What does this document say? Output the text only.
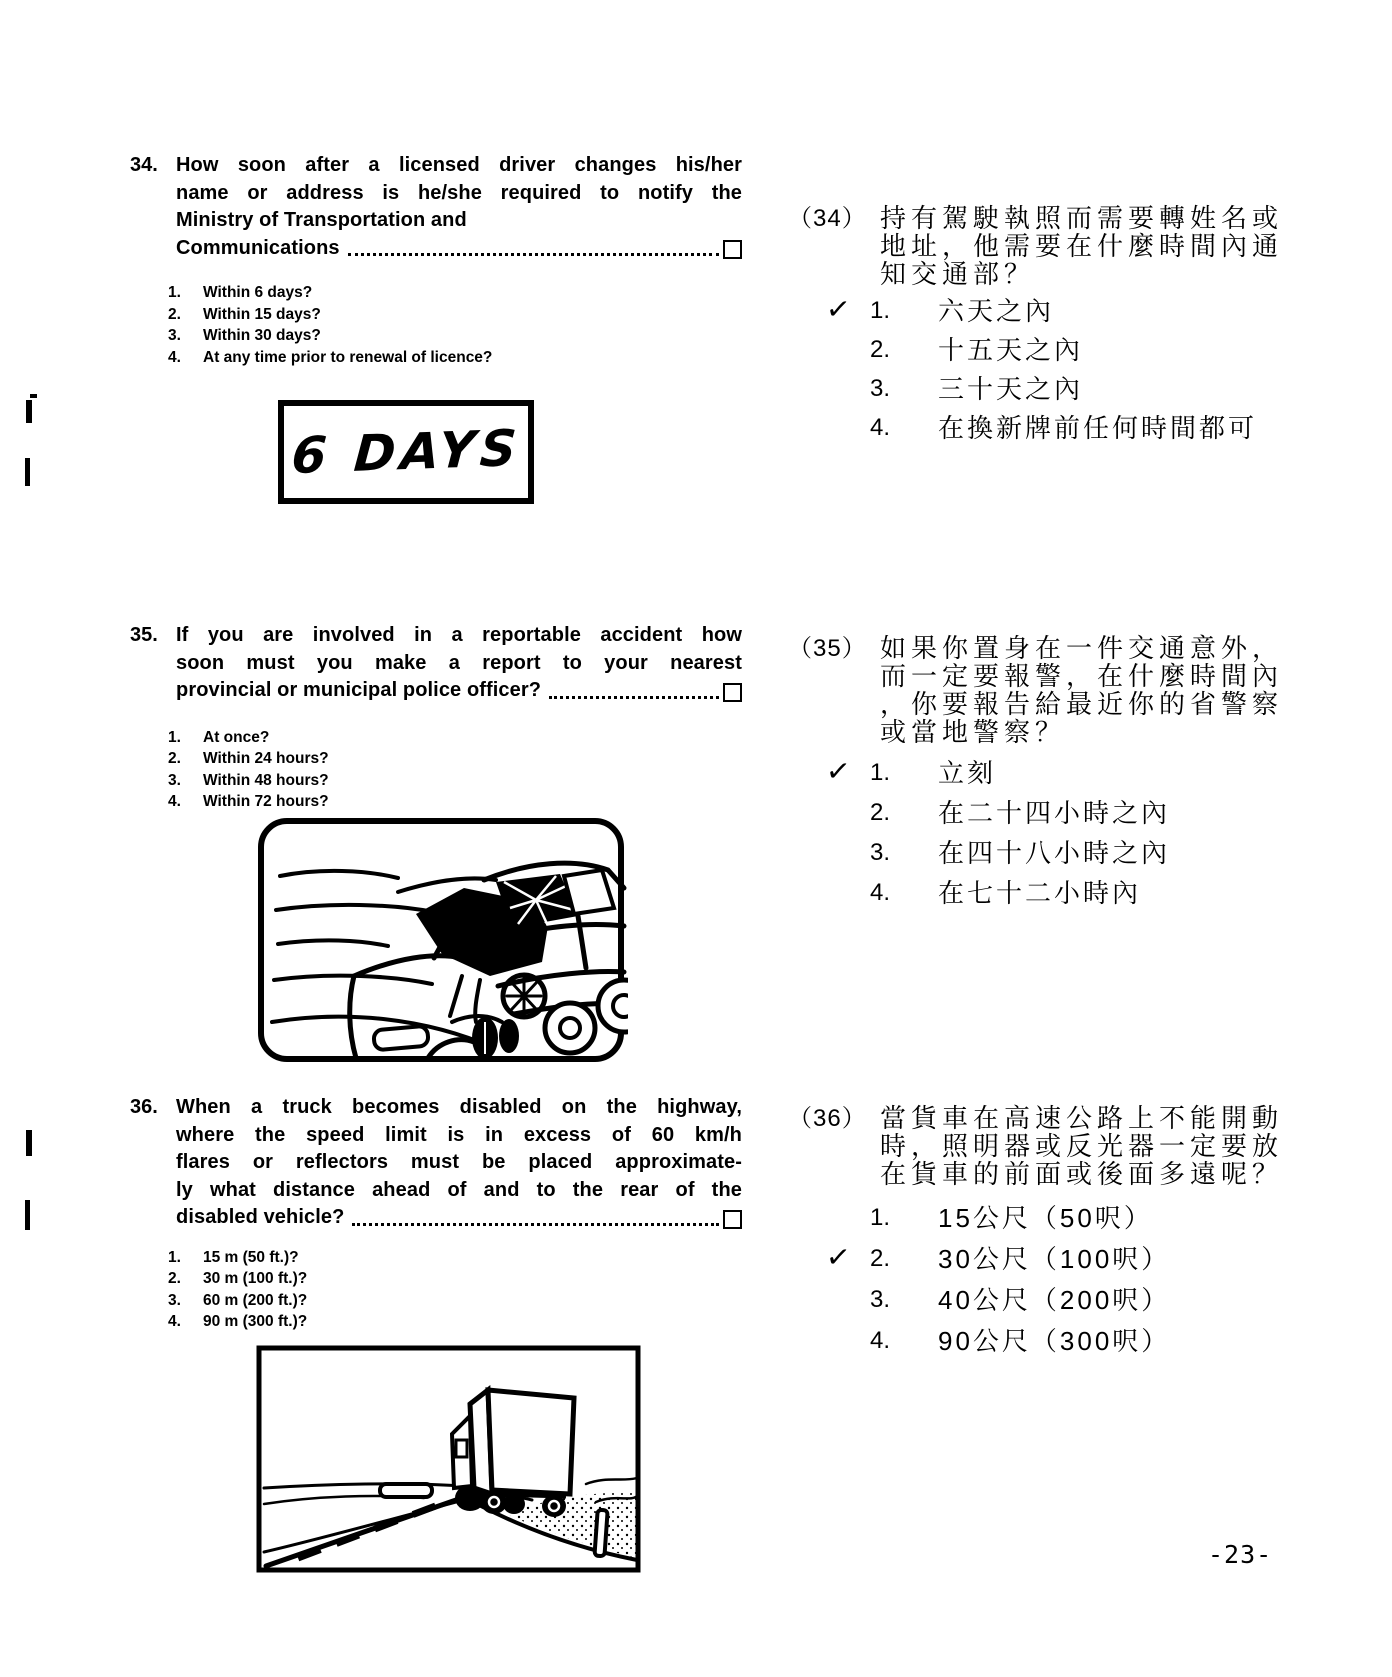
34. How soon after a licensed driver changes his/her
name or address is he/she required to notify the
Ministry of Transportation and
Communications
1. Within 6 days?
2. Within 15 days?
3. Within 30 days?
4. At any time prior to renewal of licence?
6 DAYS
（34） 持有駕駛執照而需要轉姓名或
地址，他需要在什麼時間內通
知交通部？
✓ 1.	六天之內
2.	十五天之內
3.	三十天之內
4.	在換新牌前任何時間都可
35. If you are involved in a reportable accident how
soon must you make a report to your nearest
provincial or municipal police officer?
1. At once?
2. Within 24 hours?
3. Within 48 hours?
4. Within 72 hours?
（35） 如果你置身在一件交通意外，
而一定要報警，在什麼時間內
，你要報告給最近你的省警察
或當地警察？
✓ 1.	立刻
2.	在二十四小時之內
3.	在四十八小時之內
4.	在七十二小時內
36. When a truck becomes disabled on the highway,
where the speed limit is in excess of 60 km/h
flares or reflectors must be placed approximate-
ly what distance ahead of and to the rear of the
disabled vehicle?
1. 15 m (50 ft.)?
2. 30 m (100 ft.)?
3. 60 m (200 ft.)?
4. 90 m (300 ft.)?
（36） 當貨車在高速公路上不能開動
時，照明器或反光器一定要放
在貨車的前面或後面多遠呢？
1.	15公尺（50呎）
✓ 2.	30公尺（100呎）
3.	40公尺（200呎）
4.	90公尺（300呎）
-23-
